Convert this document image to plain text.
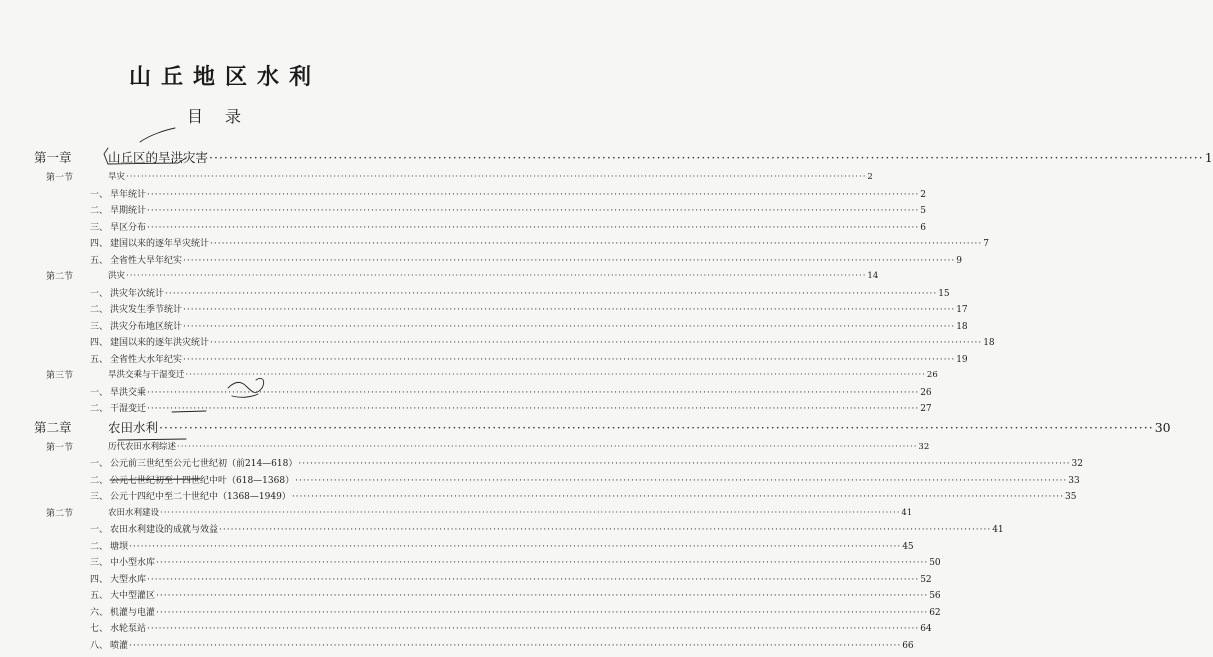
山丘地区水利
目录
第一章	山丘区的旱洪灾害 ········································································································································································································ 1
第一节	旱灾 ········································································································································································································ 2
一、 旱年统计 ········································································································································································································ 2
二、 旱期统计 ········································································································································································································ 5
三、 旱区分布 ········································································································································································································ 6
四、 建国以来的逐年旱灾统计 ········································································································································································································ 7
五、 全省性大旱年纪实 ········································································································································································································ 9
第二节	洪灾 ········································································································································································································ 14
一、 洪灾年次统计 ········································································································································································································ 15
二、 洪灾发生季节统计 ········································································································································································································ 17
三、 洪灾分布地区统计 ········································································································································································································ 18
四、 建国以来的逐年洪灾统计 ········································································································································································································ 18
五、 全省性大水年纪实 ········································································································································································································ 19
第三节	旱洪交乘与干湿变迁 ········································································································································································································ 26
一、 旱洪交乘 ········································································································································································································ 26
二、 干湿变迁 ········································································································································································································ 27
第二章	农田水利 ········································································································································································································ 30
第一节	历代农田水利综述 ········································································································································································································ 32
一、 公元前三世纪至公元七世纪初（前214—618） ········································································································································································································ 32
二、 公元七世纪初至十四世纪中叶（618—1368） ········································································································································································································ 33
三、 公元十四纪中至二十世纪中（1368—1949） ········································································································································································································ 35
第二节	农田水利建设 ········································································································································································································ 41
一、 农田水利建设的成就与效益 ········································································································································································································ 41
二、 塘坝 ········································································································································································································ 45
三、 中小型水库 ········································································································································································································ 50
四、 大型水库 ········································································································································································································ 52
五、 大中型灌区 ········································································································································································································ 56
六、 机灌与电灌 ········································································································································································································ 62
七、 水轮泵站 ········································································································································································································ 64
八、 喷灌 ········································································································································································································ 66
